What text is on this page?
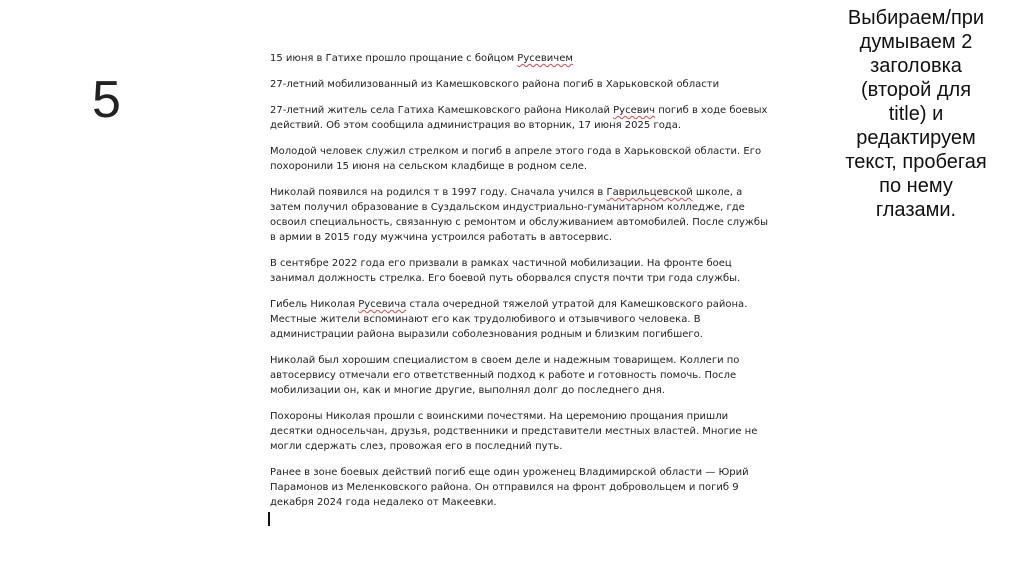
5

15 июня в Гатихе прошло прощание с бойцом Русевичем

27-летний мобилизованный из Камешковского района погиб в Харьковской области

27-летний житель села Гатиха Камешковского района Николай Русевич погиб в ходе боевых действий. Об этом сообщила администрация во вторник, 17 июня 2025 года.

Молодой человек служил стрелком и погиб в апреле этого года в Харьковской области. Его похоронили 15 июня на сельском кладбище в родном селе.

Николай появился на родился т в 1997 году. Сначала учился в Гаврильцевской школе, а затем получил образование в Суздальском индустриально-гуманитарном колледже, где освоил специальность, связанную с ремонтом и обслуживанием автомобилей. После службы в армии в 2015 году мужчина устроился работать в автосервис.

В сентябре 2022 года его призвали в рамках частичной мобилизации. На фронте боец занимал должность стрелка. Его боевой путь оборвался спустя почти три года службы.

Гибель Николая Русевича стала очередной тяжелой утратой для Камешковского района. Местные жители вспоминают его как трудолюбивого и отзывчивого человека. В администрации района выразили соболезнования родным и близким погибшего.

Николай был хорошим специалистом в своем деле и надежным товарищем. Коллеги по автосервису отмечали его ответственный подход к работе и готовность помочь. После мобилизации он, как и многие другие, выполнял долг до последнего дня.

Похороны Николая прошли с воинскими почестями. На церемонию прощания пришли десятки односельчан, друзья, родственники и представители местных властей. Многие не могли сдержать слез, провожая его в последний путь.

Ранее в зоне боевых действий погиб еще один уроженец Владимирской области — Юрий Парамонов из Меленковского района. Он отправился на фронт добровольцем и погиб 9 декабря 2024 года недалеко от Макеевки.

Выбираем/при
думываем 2
заголовка
(второй для
title) и
редактируем
текст, пробегая
по нему
глазами.
